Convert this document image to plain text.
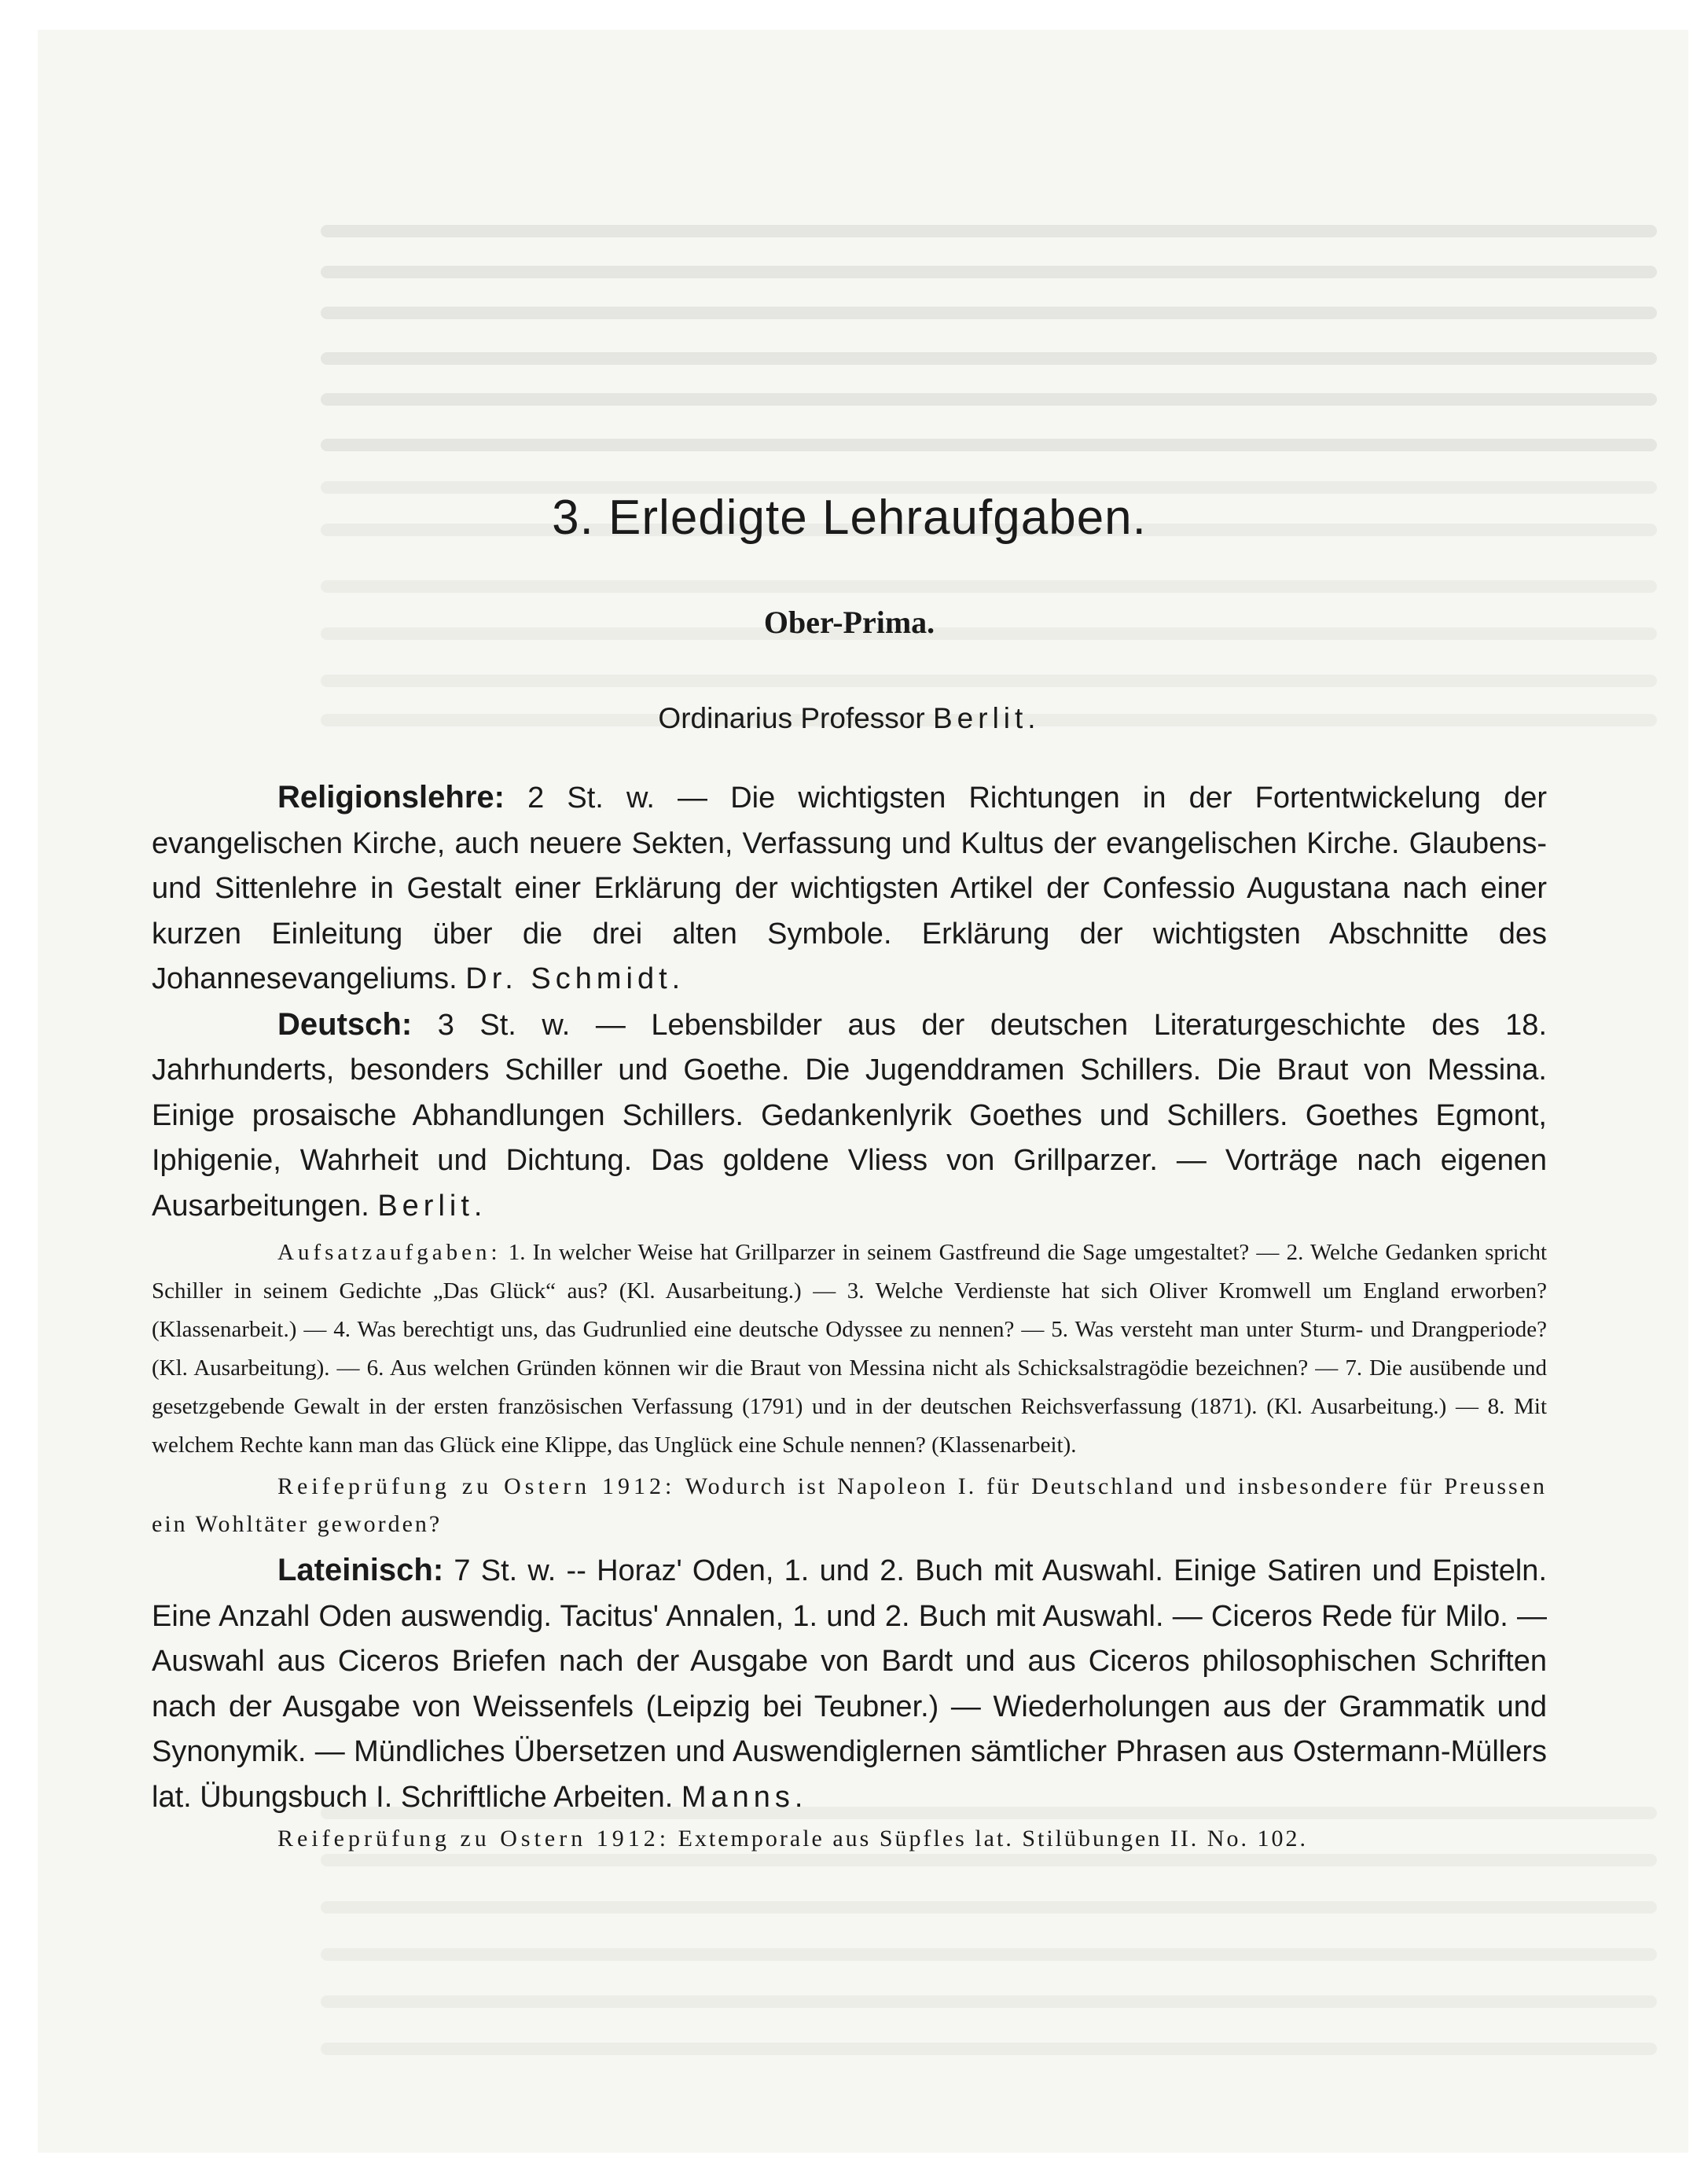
3. Erledigte Lehraufgaben.
Ober-Prima.
Ordinarius Professor Berlit.

Religionslehre: 2 St. w. — Die wichtigsten Richtungen in der Fortentwickelung der evangelischen Kirche, auch neuere Sekten, Verfassung und Kultus der evangelischen Kirche. Glaubens- und Sittenlehre in Gestalt einer Erklärung der wichtigsten Artikel der Confessio Augustana nach einer kurzen Einleitung über die drei alten Symbole. Erklärung der wichtigsten Abschnitte des Johannesevangeliums. Dr. Schmidt.

Deutsch: 3 St. w. — Lebensbilder aus der deutschen Literaturgeschichte des 18. Jahrhunderts, besonders Schiller und Goethe. Die Jugenddramen Schillers. Die Braut von Messina. Einige prosaische Abhandlungen Schillers. Gedankenlyrik Goethes und Schillers. Goethes Egmont, Iphigenie, Wahrheit und Dichtung. Das goldene Vliess von Grillparzer. — Vorträge nach eigenen Ausarbeitungen. Berlit.

Aufsatzaufgaben: 1. In welcher Weise hat Grillparzer in seinem Gastfreund die Sage umgestaltet? — 2. Welche Gedanken spricht Schiller in seinem Gedichte „Das Glück“ aus? (Kl. Ausarbeitung.) — 3. Welche Verdienste hat sich Oliver Kromwell um England erworben? (Klassenarbeit.) — 4. Was berechtigt uns, das Gudrunlied eine deutsche Odyssee zu nennen? — 5. Was versteht man unter Sturm- und Drangperiode? (Kl. Ausarbeitung). — 6. Aus welchen Gründen können wir die Braut von Messina nicht als Schicksalstragödie bezeichnen? — 7. Die ausübende und gesetzgebende Gewalt in der ersten französischen Verfassung (1791) und in der deutschen Reichsverfassung (1871). (Kl. Ausarbeitung.) — 8. Mit welchem Rechte kann man das Glück eine Klippe, das Unglück eine Schule nennen? (Klassenarbeit).

Reifeprüfung zu Ostern 1912: Wodurch ist Napoleon I. für Deutschland und insbesondere für Preussen ein Wohltäter geworden?

Lateinisch: 7 St. w. -- Horaz' Oden, 1. und 2. Buch mit Auswahl. Einige Satiren und Episteln. Eine Anzahl Oden auswendig. Tacitus' Annalen, 1. und 2. Buch mit Auswahl. — Ciceros Rede für Milo. — Auswahl aus Ciceros Briefen nach der Ausgabe von Bardt und aus Ciceros philosophischen Schriften nach der Ausgabe von Weissenfels (Leipzig bei Teubner.) — Wiederholungen aus der Grammatik und Synonymik. — Mündliches Übersetzen und Auswendiglernen sämtlicher Phrasen aus Ostermann-Müllers lat. Übungsbuch I. Schriftliche Arbeiten. Manns.

Reifeprüfung zu Ostern 1912: Extemporale aus Süpfles lat. Stilübungen II. No. 102.
